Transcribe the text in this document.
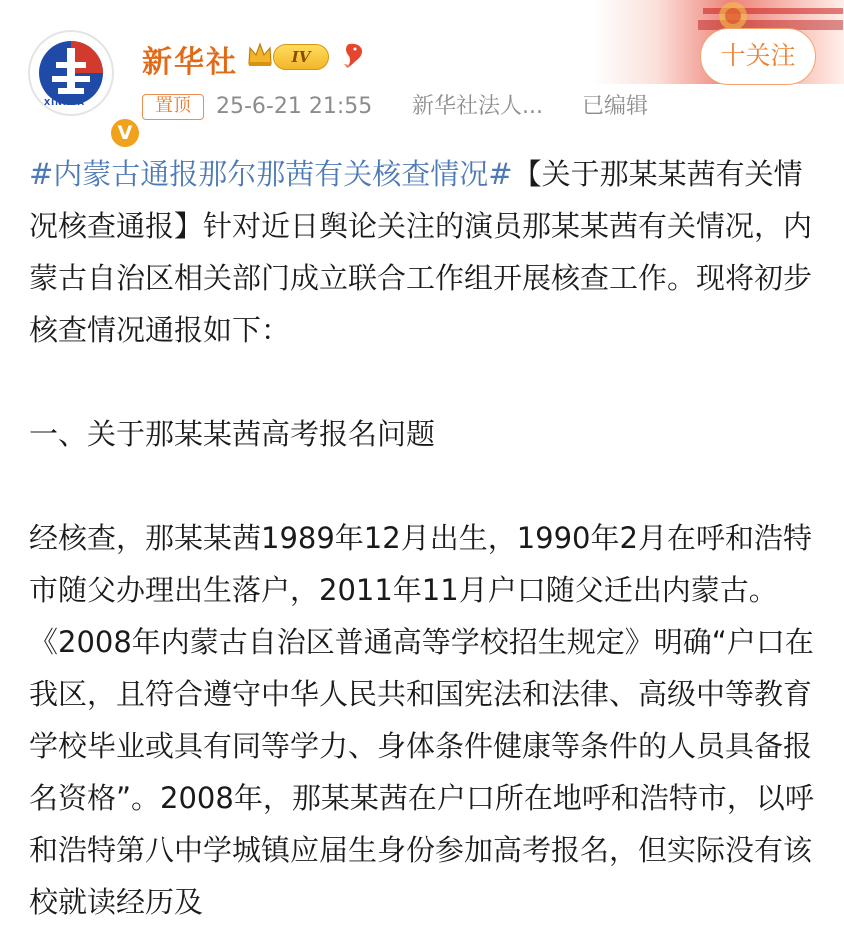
XINHUA
V
新华社	IV	十关注
置顶	25-6-21 21:55 新华社法人... 已编辑

#内蒙古通报那尔那茜有关核查情况#【关于那某某茜有关情况核查通报】针对近日舆论关注的演员那某某茜有关情况，内蒙古自治区相关部门成立联合工作组开展核查工作。现将初步核查情况通报如下：

一、关于那某某茜高考报名问题

经核查，那某某茜1989年12月出生，1990年2月在呼和浩特市随父办理出生落户，2011年11月户口随父迁出内蒙古。《2008年内蒙古自治区普通高等学校招生规定》明确“户口在我区，且符合遵守中华人民共和国宪法和法律、高级中等教育学校毕业或具有同等学力、身体条件健康等条件的人员具备报名资格”。2008年，那某某茜在户口所在地呼和浩特市，以呼和浩特第八中学城镇应届生身份参加高考报名，但实际没有该校就读经历及
